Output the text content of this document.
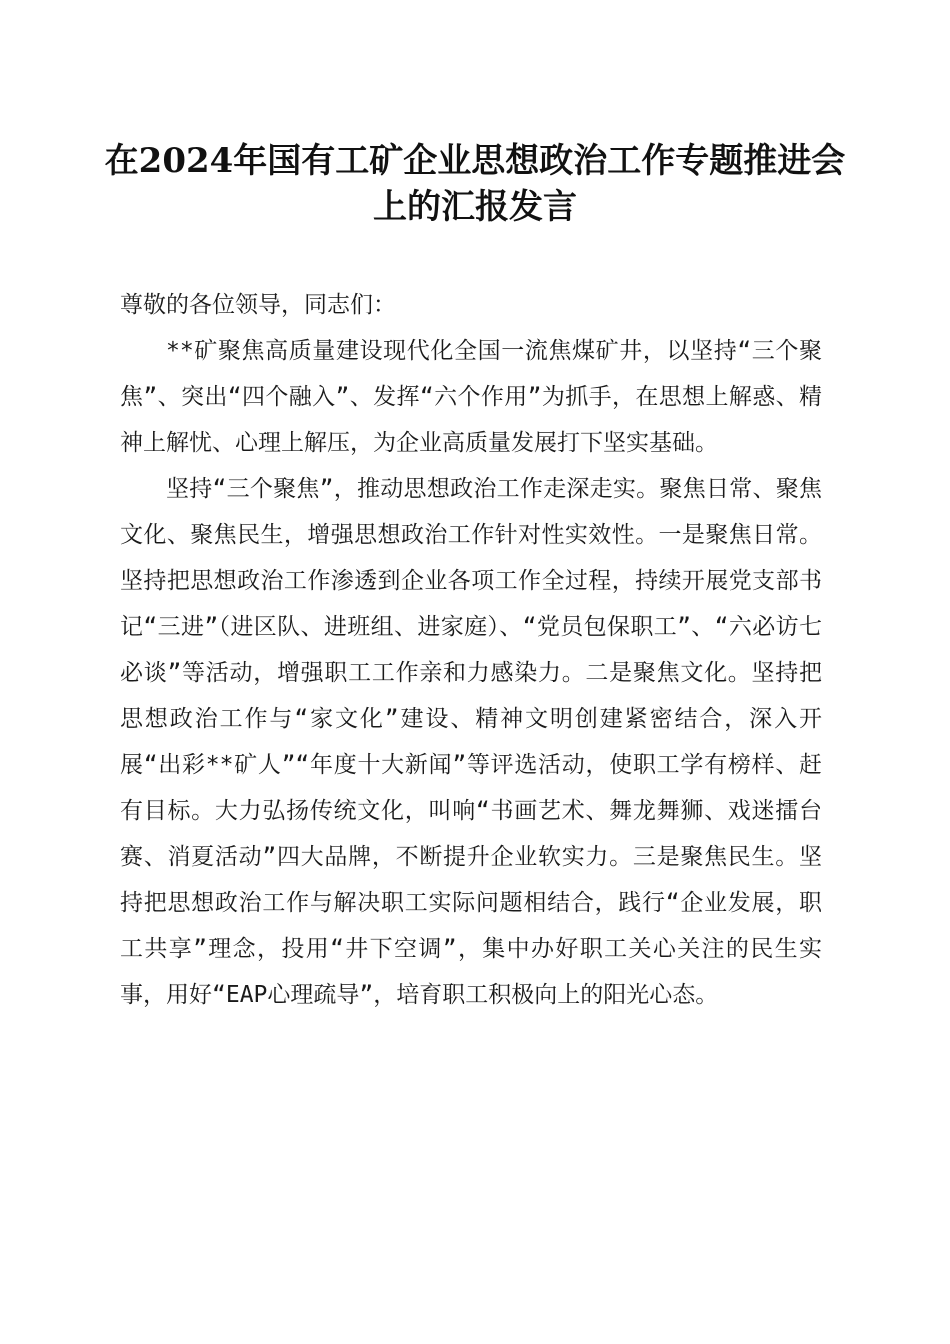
在2024年国有工矿企业思想政治工作专题推进会上的汇报发言

尊敬的各位领导，同志们：

**矿聚焦高质量建设现代化全国一流焦煤矿井，以坚持“三个聚焦”、突出“四个融入”、发挥“六个作用”为抓手，在思想上解惑、精神上解忧、心理上解压，为企业高质量发展打下坚实基础。

坚持“三个聚焦”，推动思想政治工作走深走实。聚焦日常、聚焦文化、聚焦民生，增强思想政治工作针对性实效性。一是聚焦日常。坚持把思想政治工作渗透到企业各项工作全过程，持续开展党支部书记“三进”（进区队、进班组、进家庭）、“党员包保职工”、“六必访七必谈”等活动，增强职工工作亲和力感染力。二是聚焦文化。坚持把思想政治工作与“家文化”建设、精神文明创建紧密结合，深入开展“出彩**矿人”“年度十大新闻”等评选活动，使职工学有榜样、赶有目标。大力弘扬传统文化，叫响“书画艺术、舞龙舞狮、戏迷擂台赛、消夏活动”四大品牌，不断提升企业软实力。三是聚焦民生。坚持把思想政治工作与解决职工实际问题相结合，践行“企业发展，职工共享”理念，投用“井下空调”，集中办好职工关心关注的民生实事，用好“EAP心理疏导”，培育职工积极向上的阳光心态。
